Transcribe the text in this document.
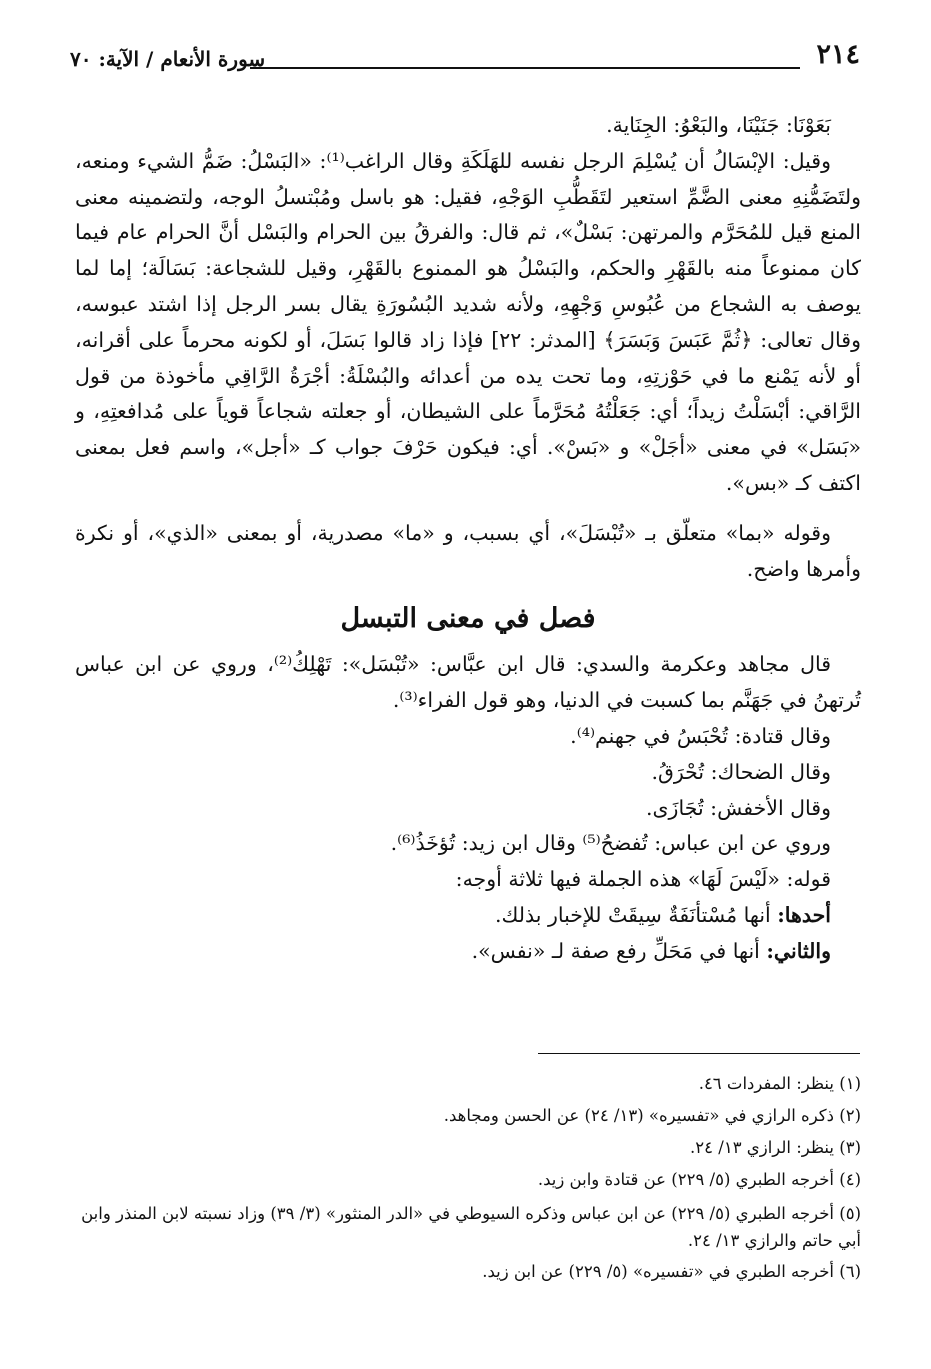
٢١٤
سورة الأنعام / الآية: ٧٠

بَعَوْنَا: جَنَيْنَا، والبَعْوُ: الجِنَاية.

وقيل: الإبْسَالُ أن يُسْلِمَ الرجل نفسه للهَلَكَةِ وقال الراغب⁽¹⁾: «البَسْلُ: ضَمُّ الشيء ومنعه، ولتَضَمُّنِهِ معنى الضَّمِّ استعير لتَقَطُّبِ الوَجْهِ، فقيل: هو باسل ومُبْتسلُ الوجه، ولتضمينه معنى المنع قيل للمُحَرَّم والمرتهن: بَسْلٌ»، ثم قال: والفرقُ بين الحرام والبَسْل أنَّ الحرام عام فيما كان ممنوعاً منه بالقَهْرِ والحكم، والبَسْلُ هو الممنوع بالقَهْرِ، وقيل للشجاعة: بَسَالَة؛ إما لما يوصف به الشجاع من عُبُوسِ وَجْهِهِ، ولأنه شديد البُسُورَةِ يقال بسر الرجل إذا اشتد عبوسه، وقال تعالى: ﴿ثُمَّ عَبَسَ وَبَسَرَ﴾ [المدثر: ٢٢] فإذا زاد قالوا بَسَلَ، أو لكونه محرماً على أقرانه، أو لأنه يَمْنع ما في حَوْزتِهِ، وما تحت يده من أعدائه والبُسْلَةُ: أجْرَةُ الرَّاقِي مأخوذة من قول الرَّاقي: أبْسَلْتُ زيداً؛ أي: جَعَلْتُهُ مُحَرَّماً على الشيطان، أو جعلته شجاعاً قوياً على مُدافعتِهِ، و «بَسَل» في معنى «أجَلْ» و «بَسْ». أي: فيكون حَرْفَ جواب كـ «أجل»، واسم فعل بمعنى اكتف كـ «بس».

وقوله «بما» متعلّق بـ «تُبْسَلَ»، أي بسبب، و «ما» مصدرية، أو بمعنى «الذي»، أو نكرة وأمرها واضح.

فصل في معنى التبسل

قال مجاهد وعكرمة والسدي: قال ابن عبَّاس: «تُبْسَل»: تَهْلِكُ⁽²⁾، وروي عن ابن عباس تُرتهنُ في جَهَنَّم بما كسبت في الدنيا، وهو قول الفراء⁽³⁾.

وقال قتادة: تُحْبَسُ في جهنم⁽⁴⁾.

وقال الضحاك: تُحْرَقُ.

وقال الأخفش: تُجَازَى.

وروي عن ابن عباس: تُفضحُ⁽⁵⁾ وقال ابن زيد: تُؤخَذُ⁽⁶⁾.

قوله: «لَيْسَ لَهَا» هذه الجملة فيها ثلاثة أوجه:

أحدها: أنها مُسْتأنَفَةٌ سِيقَتْ للإخبار بذلك.

والثاني: أنها في مَحَلِّ رفع صفة لـ «نفس».

(١) ينظر: المفردات ٤٦.

(٢) ذكره الرازي في «تفسيره» (١٣/ ٢٤) عن الحسن ومجاهد.

(٣) ينظر: الرازي ١٣/ ٢٤.

(٤) أخرجه الطبري (٥/ ٢٢٩) عن قتادة وابن زيد.

(٥) أخرجه الطبري (٥/ ٢٢٩) عن ابن عباس وذكره السيوطي في «الدر المنثور» (٣/ ٣٩) وزاد نسبته لابن المنذر وابن أبي حاتم والرازي ١٣/ ٢٤.

(٦) أخرجه الطبري في «تفسيره» (٥/ ٢٢٩) عن ابن زيد.
